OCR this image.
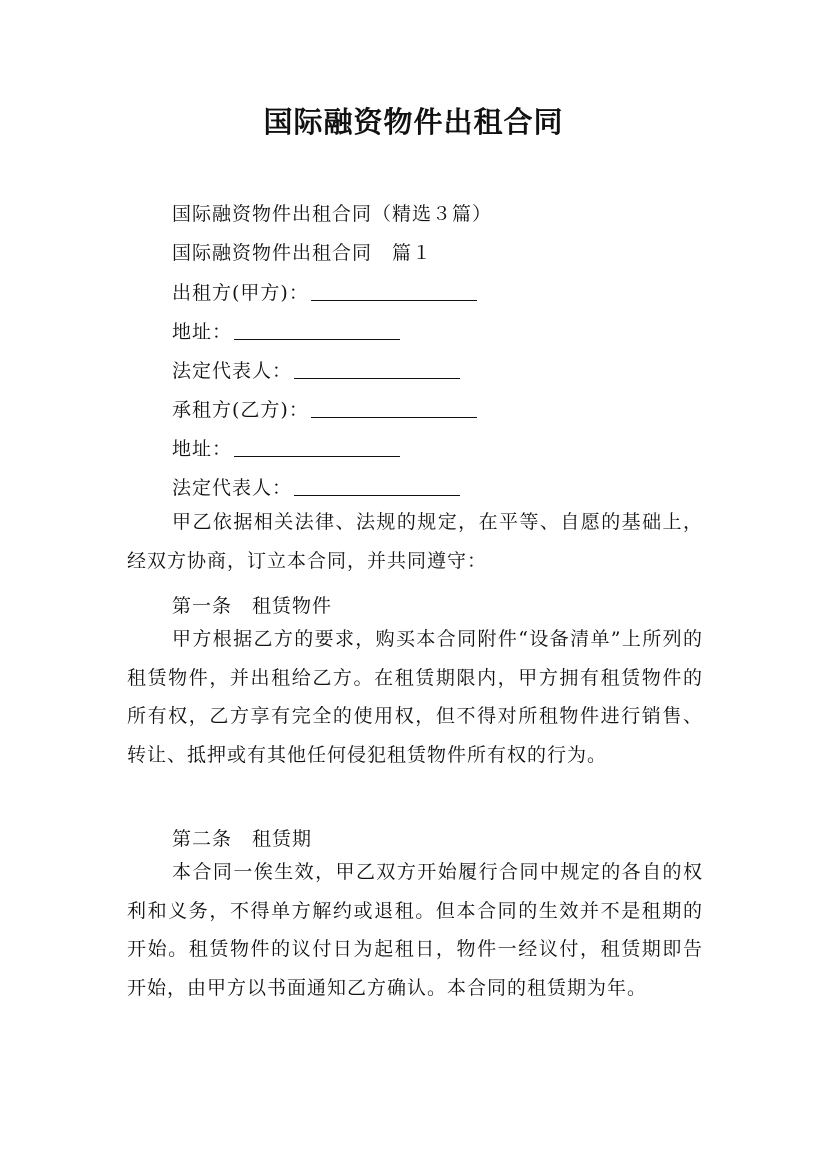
国际融资物件出租合同
国际融资物件出租合同（精选３篇）
国际融资物件出租合同　篇１
出租方(甲方)：
地址：
法定代表人：
承租方(乙方)：
地址：
法定代表人：
甲乙依据相关法律、法规的规定，在平等、自愿的基础上，经双方协商，订立本合同，并共同遵守：
第一条　租赁物件
甲方根据乙方的要求，购买本合同附件“设备清单”上所列的租赁物件，并出租给乙方。在租赁期限内，甲方拥有租赁物件的所有权，乙方享有完全的使用权，但不得对所租物件进行销售、转让、抵押或有其他任何侵犯租赁物件所有权的行为。
第二条　租赁期
本合同一俟生效，甲乙双方开始履行合同中规定的各自的权利和义务，不得单方解约或退租。但本合同的生效并不是租期的开始。租赁物件的议付日为起租日，物件一经议付，租赁期即告开始，由甲方以书面通知乙方确认。本合同的租赁期为年。
